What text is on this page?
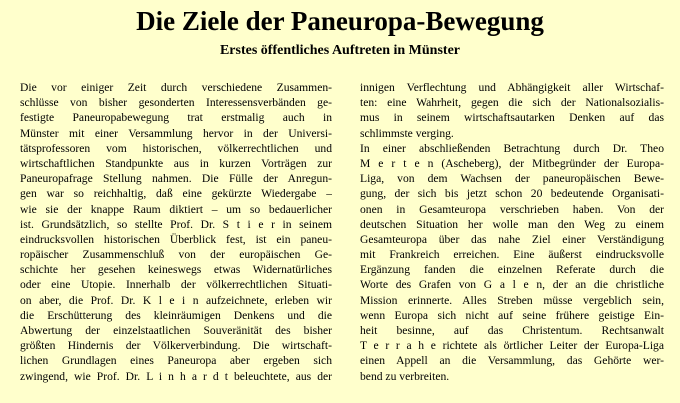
Die Ziele der Paneuropa-Bewegung
Erstes öffentliches Auftreten in Münster
Die vor einiger Zeit durch verschiedene Zusammen-
schlüsse von bisher gesonderten Interessensverbänden ge-
festigte Paneuropabewegung trat erstmalig auch in
Münster mit einer Versammlung hervor in der Universi-
tätsprofessoren vom historischen, völkerrechtlichen und
wirtschaftlichen Standpunkte aus in kurzen Vorträgen zur
Paneuropafrage Stellung nahmen. Die Fülle der Anregun-
gen war so reichhaltig, daß eine gekürzte Wiedergabe –
wie sie der knappe Raum diktiert – um so bedauerlicher
ist. Grundsätzlich, so stellte Prof. Dr. S t i e r in seinem
eindrucksvollen historischen Überblick fest, ist ein paneu-
ropäischer Zusammenschluß von der europäischen Ge-
schichte her gesehen keineswegs etwas Widernatürliches
oder eine Utopie. Innerhalb der völkerrechtlichen Situati-
on aber, die Prof. Dr. K l e i n aufzeichnete, erleben wir
die Erschütterung des kleinräumigen Denkens und die
Abwertung der einzelstaatlichen Souveränität des bisher
größten Hindernis der Völkerverbindung. Die wirtschaft-
lichen Grundlagen eines Paneuropa aber ergeben sich
zwingend, wie Prof. Dr. L i n h a r d t beleuchtete, aus der
innigen Verflechtung und Abhängigkeit aller Wirtschaf-
ten: eine Wahrheit, gegen die sich der Nationalsozialis-
mus in seinem wirtschaftsautarken Denken auf das
schlimmste verging.
In einer abschließenden Betrachtung durch Dr. Theo
M e r t e n (Ascheberg), der Mitbegründer der Europa-
Liga, von dem Wachsen der paneuropäischen Bewe-
gung, der sich bis jetzt schon 20 bedeutende Organisati-
onen in Gesamteuropa verschrieben haben. Von der
deutschen Situation her wolle man den Weg zu einem
Gesamteuropa über das nahe Ziel einer Verständigung
mit Frankreich erreichen. Eine äußerst eindrucksvolle
Ergänzung fanden die einzelnen Referate durch die
Worte des Grafen von G a l e n, der an die christliche
Mission erinnerte. Alles Streben müsse vergeblich sein,
wenn Europa sich nicht auf seine frühere geistige Ein-
heit besinne, auf das Christentum. Rechtsanwalt
T e r r a h e richtete als örtlicher Leiter der Europa-Liga
einen Appell an die Versammlung, das Gehörte wer-
bend zu verbreiten.
